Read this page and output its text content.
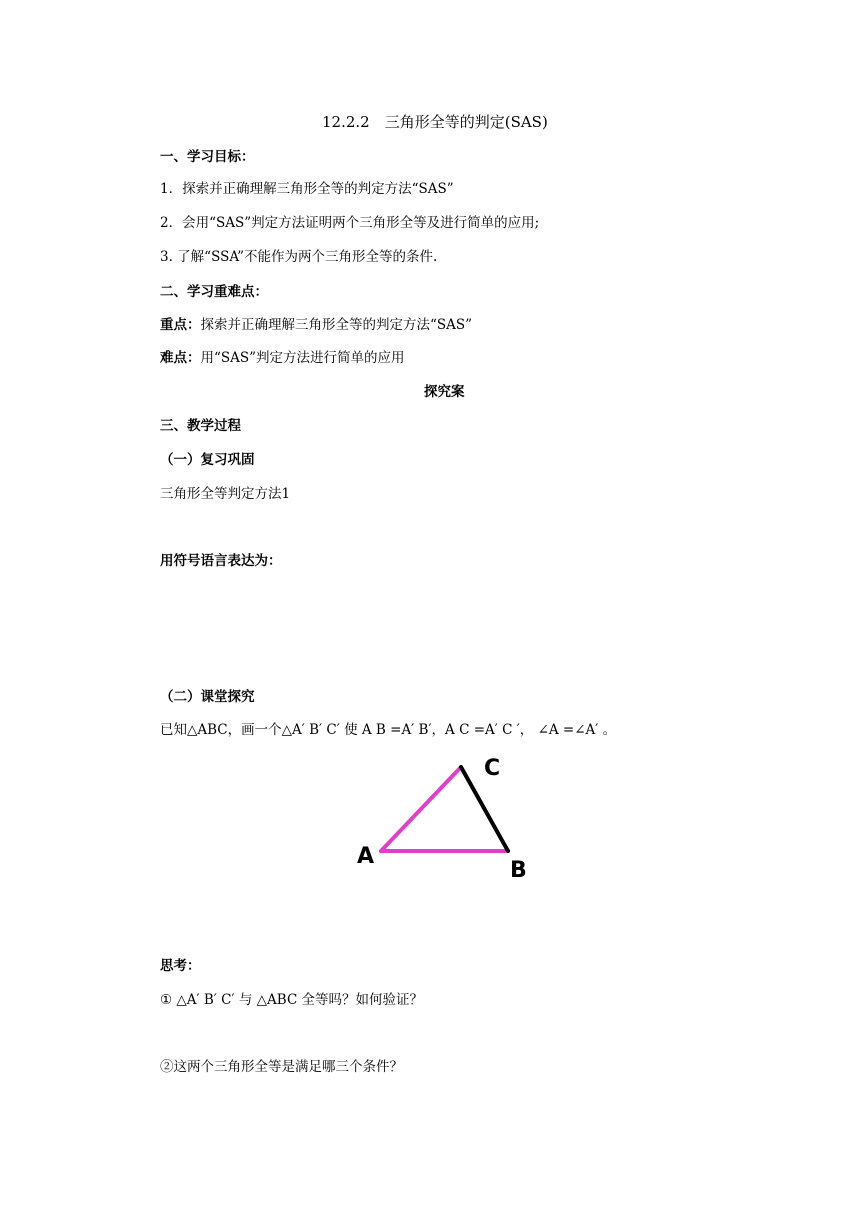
12.2.2　三角形全等的判定(SAS)
一、学习目标：
1．探索并正确理解三角形全等的判定方法“SAS”
2．会用“SAS”判定方法证明两个三角形全等及进行简单的应用;
3. 了解“SSA”不能作为两个三角形全等的条件.
二、学习重难点：
重点：探索并正确理解三角形全等的判定方法“SAS”
难点：用“SAS”判定方法进行简单的应用
探究案
三、教学过程
（一）复习巩固
三角形全等判定方法1
用符号语言表达为：
（二）课堂探究
已知△ABC，画一个△A′ B′ C′ 使 A B =A′ B′，A C =A′ C ′， ∠A =∠A′ 。
A
B
C
思考：
① △A′ B′ C′ 与 △ABC 全等吗？如何验证？
②这两个三角形全等是满足哪三个条件？
